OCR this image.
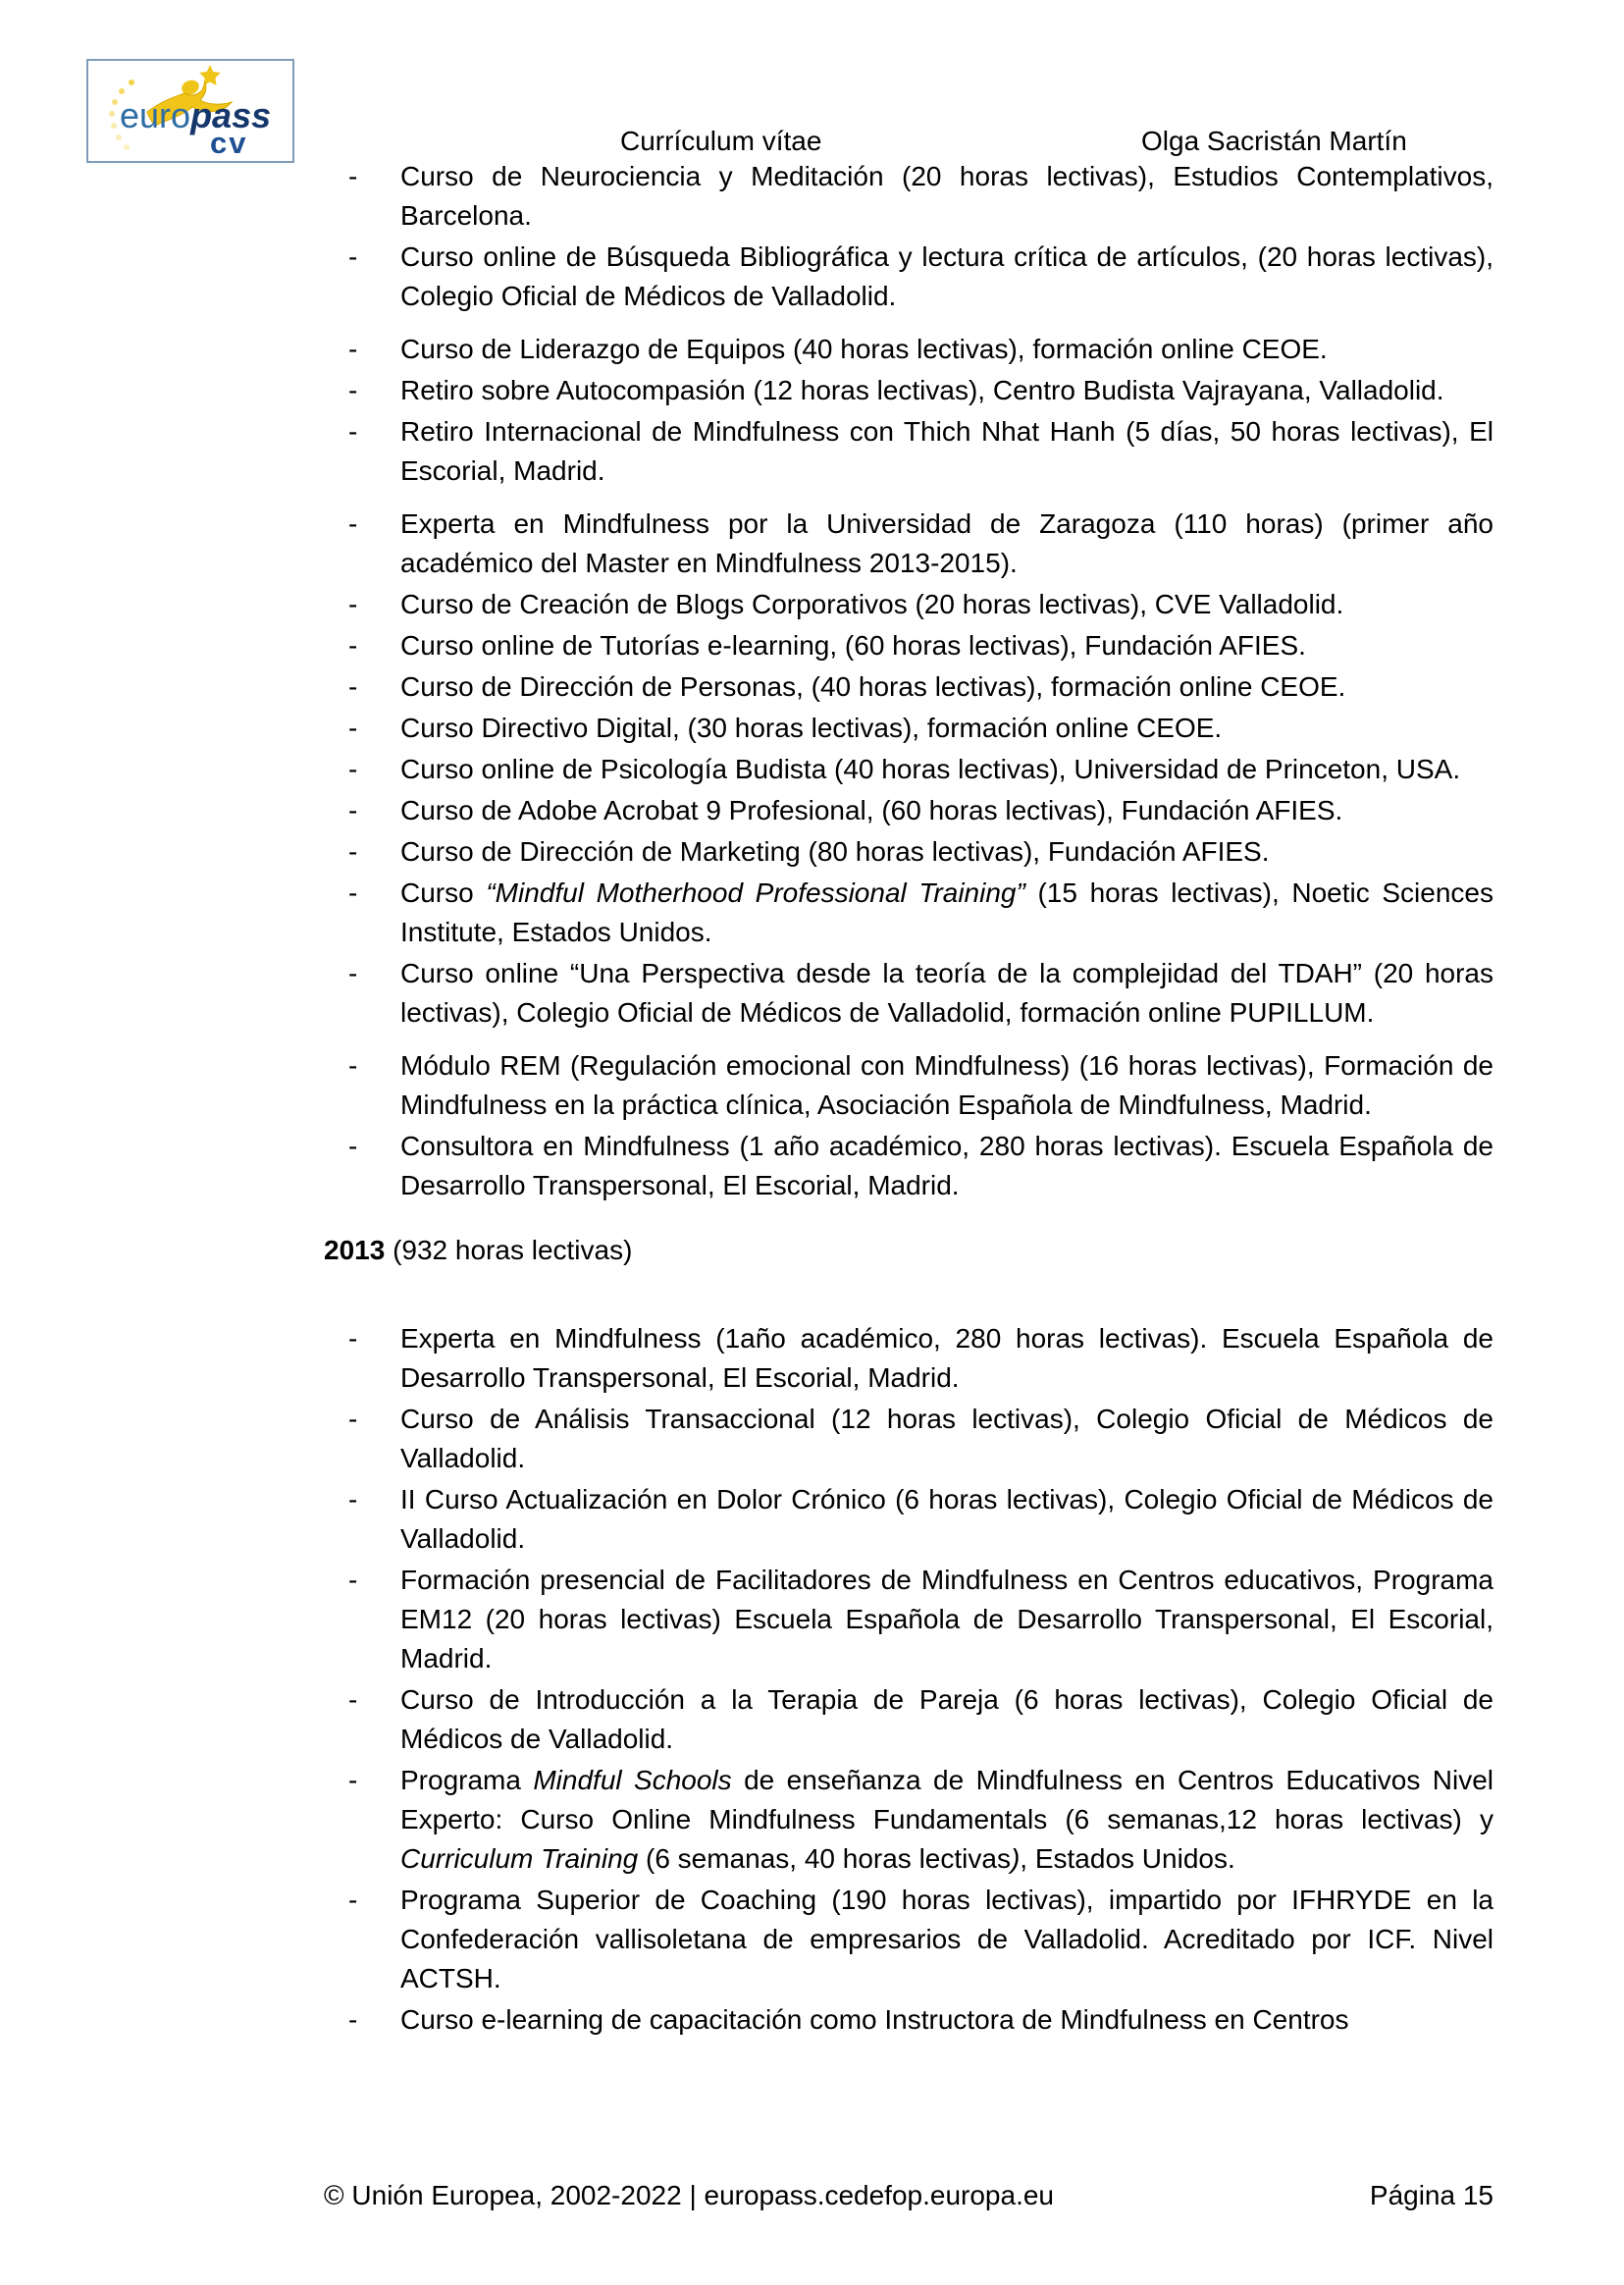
europass
cv	Currículum vítae	Olga Sacristán Martín
-	Curso de Neurociencia y Meditación (20 horas lectivas), Estudios Contemplativos, Barcelona.
-	Curso online de Búsqueda Bibliográfica y lectura crítica de artículos, (20 horas lectivas), Colegio Oficial de Médicos de Valladolid.
-	Curso de Liderazgo de Equipos (40 horas lectivas), formación online CEOE.
-	Retiro sobre Autocompasión (12 horas lectivas), Centro Budista Vajrayana, Valladolid.
-	Retiro Internacional de Mindfulness con Thich Nhat Hanh (5 días, 50 horas lectivas), El Escorial, Madrid.
-	Experta en Mindfulness por la Universidad de Zaragoza (110 horas) (primer año académico del Master en Mindfulness 2013-2015).
-	Curso de Creación de Blogs Corporativos (20 horas lectivas), CVE Valladolid.
-	Curso online de Tutorías e-learning, (60 horas lectivas), Fundación AFIES.
-	Curso de Dirección de Personas, (40 horas lectivas), formación online CEOE.
-	Curso Directivo Digital, (30 horas lectivas), formación online CEOE.
-	Curso online de Psicología Budista (40 horas lectivas), Universidad de Princeton, USA.
-	Curso de Adobe Acrobat 9 Profesional, (60 horas lectivas), Fundación AFIES.
-	Curso de Dirección de Marketing (80 horas lectivas), Fundación AFIES.
-	Curso “Mindful Motherhood Professional Training” (15 horas lectivas), Noetic Sciences Institute, Estados Unidos.
-	Curso online “Una Perspectiva desde la teoría de la complejidad del TDAH” (20 horas lectivas), Colegio Oficial de Médicos de Valladolid, formación online PUPILLUM.
-	Módulo REM (Regulación emocional con Mindfulness) (16 horas lectivas), Formación de Mindfulness en la práctica clínica, Asociación Española de Mindfulness, Madrid.
-	Consultora en Mindfulness (1 año académico, 280 horas lectivas). Escuela Española de Desarrollo Transpersonal, El Escorial, Madrid.
2013 (932 horas lectivas)
-	Experta en Mindfulness (1año académico, 280 horas lectivas). Escuela Española de Desarrollo Transpersonal, El Escorial, Madrid.
-	Curso de Análisis Transaccional (12 horas lectivas), Colegio Oficial de Médicos de Valladolid.
-	II Curso Actualización en Dolor Crónico (6 horas lectivas), Colegio Oficial de Médicos de Valladolid.
-	Formación presencial de Facilitadores de Mindfulness en Centros educativos, Programa EM12 (20 horas lectivas) Escuela Española de Desarrollo Transpersonal, El Escorial, Madrid.
-	Curso de Introducción a la Terapia de Pareja (6 horas lectivas), Colegio Oficial de Médicos de Valladolid.
-	Programa Mindful Schools de enseñanza de Mindfulness en Centros Educativos Nivel Experto: Curso Online Mindfulness Fundamentals (6 semanas,12 horas lectivas) y Curriculum Training (6 semanas, 40 horas lectivas), Estados Unidos.
-	Programa Superior de Coaching (190 horas lectivas), impartido por IFHRYDE en la Confederación vallisoletana de empresarios de Valladolid. Acreditado por ICF. Nivel ACTSH.
-	Curso e-learning de capacitación como Instructora de Mindfulness en Centros
© Unión Europea, 2002-2022 | europass.cedefop.europa.eu	Página 15
